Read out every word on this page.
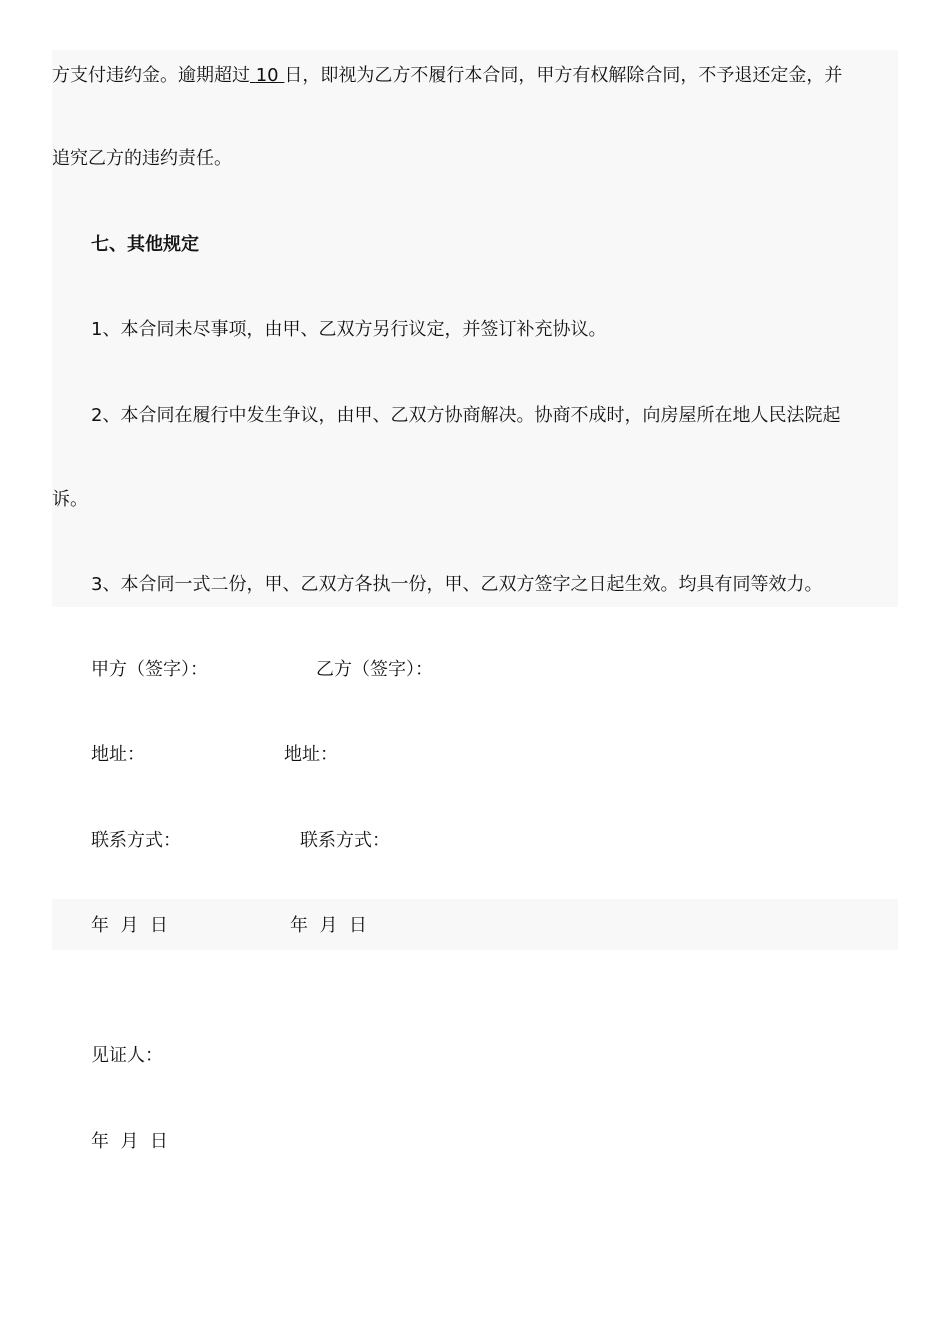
方支付违约金。逾期超过 10 日，即视为乙方不履行本合同，甲方有权解除合同，不予退还定金，并
追究乙方的违约责任。
七、其他规定
1、本合同未尽事项，由甲、乙双方另行议定，并签订补充协议。
2、本合同在履行中发生争议，由甲、乙双方协商解决。协商不成时，向房屋所在地人民法院起
诉。
3、本合同一式二份，甲、乙双方各执一份，甲、乙双方签字之日起生效。均具有同等效力。
甲方（签字）：	乙方（签字）：
地址：	地址：
联系方式：	联系方式：
年  月  日	年  月  日
见证人：
年  月  日
